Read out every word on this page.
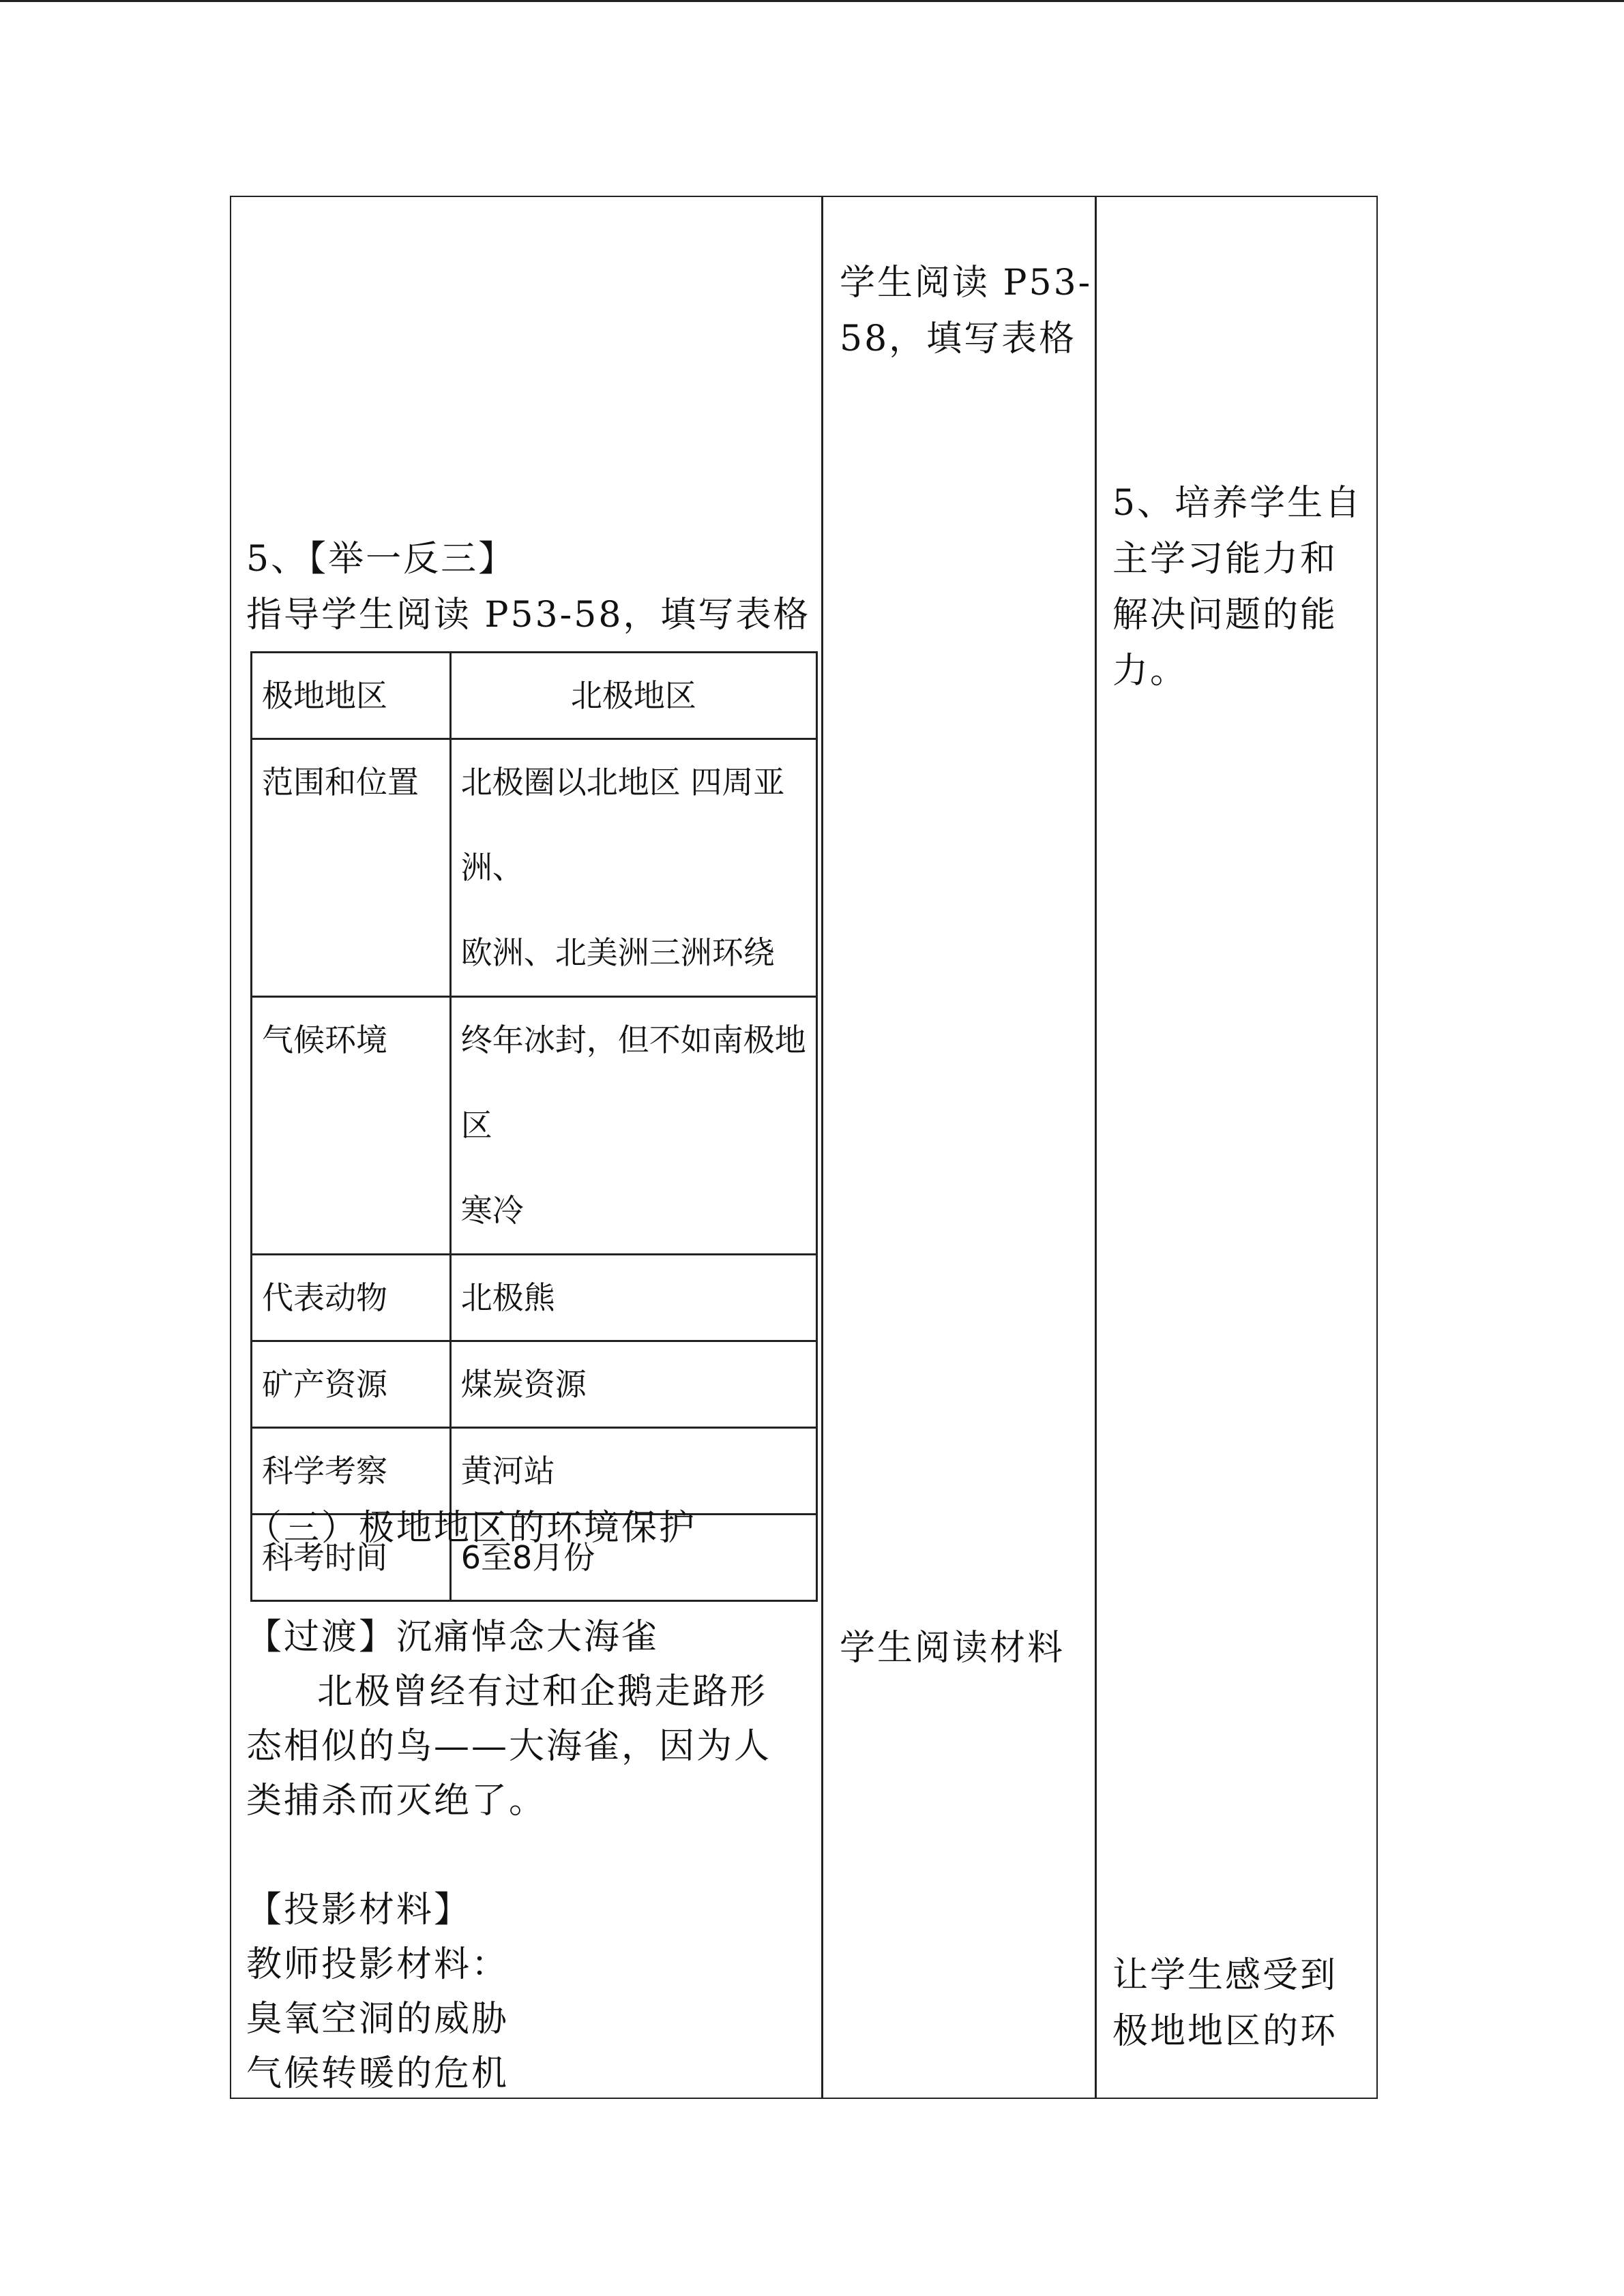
5、【举一反三】
指导学生阅读 P53-58，填写表格
极地地区	北极地区

范围和位置	北极圈以北地区 四周亚洲、
欧洲、北美洲三洲环绕

气候环境	终年冰封，但不如南极地区
寒冷

代表动物	北极熊

矿产资源	煤炭资源

科学考察	黄河站

科考时间	6至8月份
（三）极地地区的环境保护
【过渡】沉痛悼念大海雀
北极曾经有过和企鹅走路形
态相似的鸟——大海雀，因为人
类捕杀而灭绝了。
【投影材料】
教师投影材料：
臭氧空洞的威胁
气候转暖的危机
学生阅读 P53-
58，填写表格
学生阅读材料
5、培养学生自
主学习能力和
解决问题的能
力。
让学生感受到
极地地区的环
